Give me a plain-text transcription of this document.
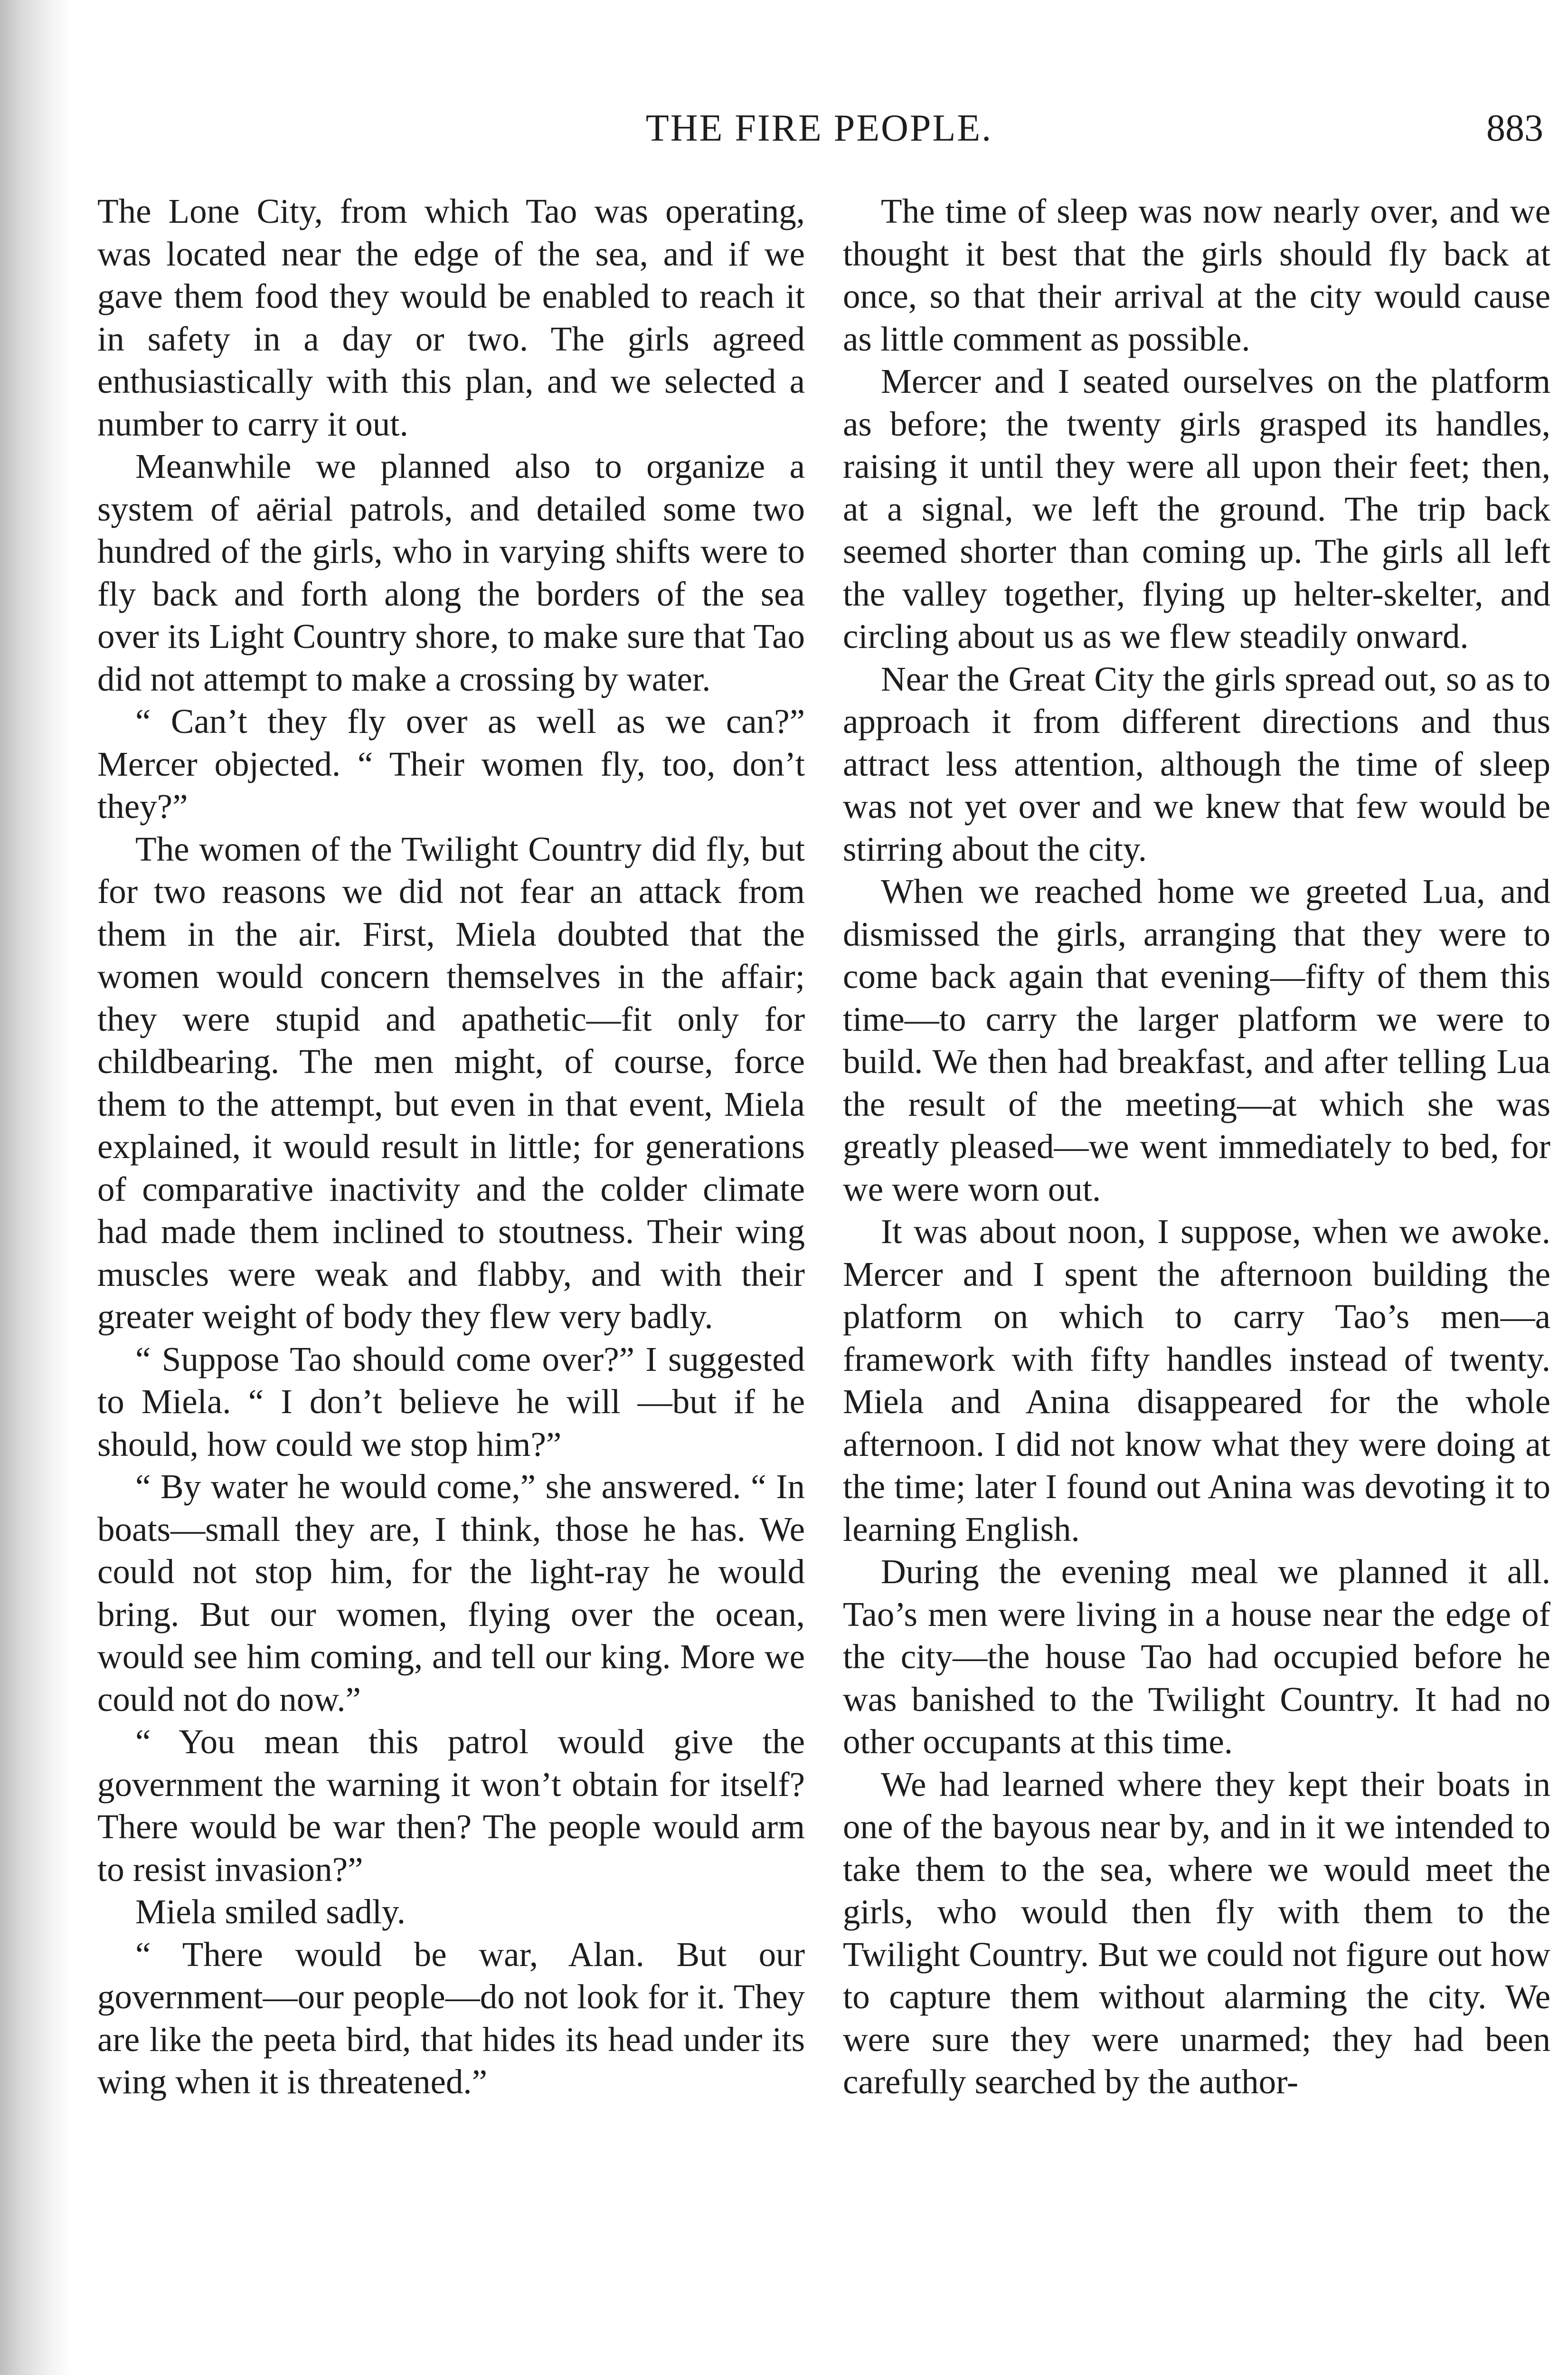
THE FIRE PEOPLE.	883

The Lone City, from which Tao was operating, was located near the edge of the sea, and if we gave them food they would be enabled to reach it in safety in a day or two. The girls agreed enthusiastically with this plan, and we selected a number to carry it out.

Meanwhile we planned also to organize a system of aërial patrols, and detailed some two hundred of the girls, who in varying shifts were to fly back and forth along the borders of the sea over its Light Country shore, to make sure that Tao did not attempt to make a crossing by water.

“ Can’t they fly over as well as we can?” Mercer objected. “ Their women fly, too, don’t they?”

The women of the Twilight Country did fly, but for two reasons we did not fear an attack from them in the air. First, Miela doubted that the women would concern themselves in the affair; they were stupid and apathetic—fit only for childbearing. The men might, of course, force them to the attempt, but even in that event, Miela explained, it would result in little; for generations of comparative inactivity and the colder climate had made them inclined to stoutness. Their wing muscles were weak and flabby, and with their greater weight of body they flew very badly.

“ Suppose Tao should come over?” I suggested to Miela. “ I don’t believe he will —but if he should, how could we stop him?”

“ By water he would come,” she answered. “ In boats—small they are, I think, those he has. We could not stop him, for the light-ray he would bring. But our women, flying over the ocean, would see him coming, and tell our king. More we could not do now.”

“ You mean this patrol would give the government the warning it won’t obtain for itself? There would be war then? The people would arm to resist invasion?”

Miela smiled sadly.

“ There would be war, Alan. But our government—our people—do not look for it. They are like the peeta bird, that hides its head under its wing when it is threatened.”

The time of sleep was now nearly over, and we thought it best that the girls should fly back at once, so that their arrival at the city would cause as little comment as possible.

Mercer and I seated ourselves on the platform as before; the twenty girls grasped its handles, raising it until they were all upon their feet; then, at a signal, we left the ground. The trip back seemed shorter than coming up. The girls all left the valley together, flying up helter-skelter, and circling about us as we flew steadily onward.

Near the Great City the girls spread out, so as to approach it from different directions and thus attract less attention, although the time of sleep was not yet over and we knew that few would be stirring about the city.

When we reached home we greeted Lua, and dismissed the girls, arranging that they were to come back again that evening—fifty of them this time—to carry the larger platform we were to build. We then had breakfast, and after telling Lua the result of the meeting—at which she was greatly pleased—we went immediately to bed, for we were worn out.

It was about noon, I suppose, when we awoke. Mercer and I spent the afternoon building the platform on which to carry Tao’s men—a framework with fifty handles instead of twenty. Miela and Anina disappeared for the whole afternoon. I did not know what they were doing at the time; later I found out Anina was devoting it to learning English.

During the evening meal we planned it all. Tao’s men were living in a house near the edge of the city—the house Tao had occupied before he was banished to the Twilight Country. It had no other occupants at this time.

We had learned where they kept their boats in one of the bayous near by, and in it we intended to take them to the sea, where we would meet the girls, who would then fly with them to the Twilight Country. But we could not figure out how to capture them without alarming the city. We were sure they were unarmed; they had been carefully searched by the author-
